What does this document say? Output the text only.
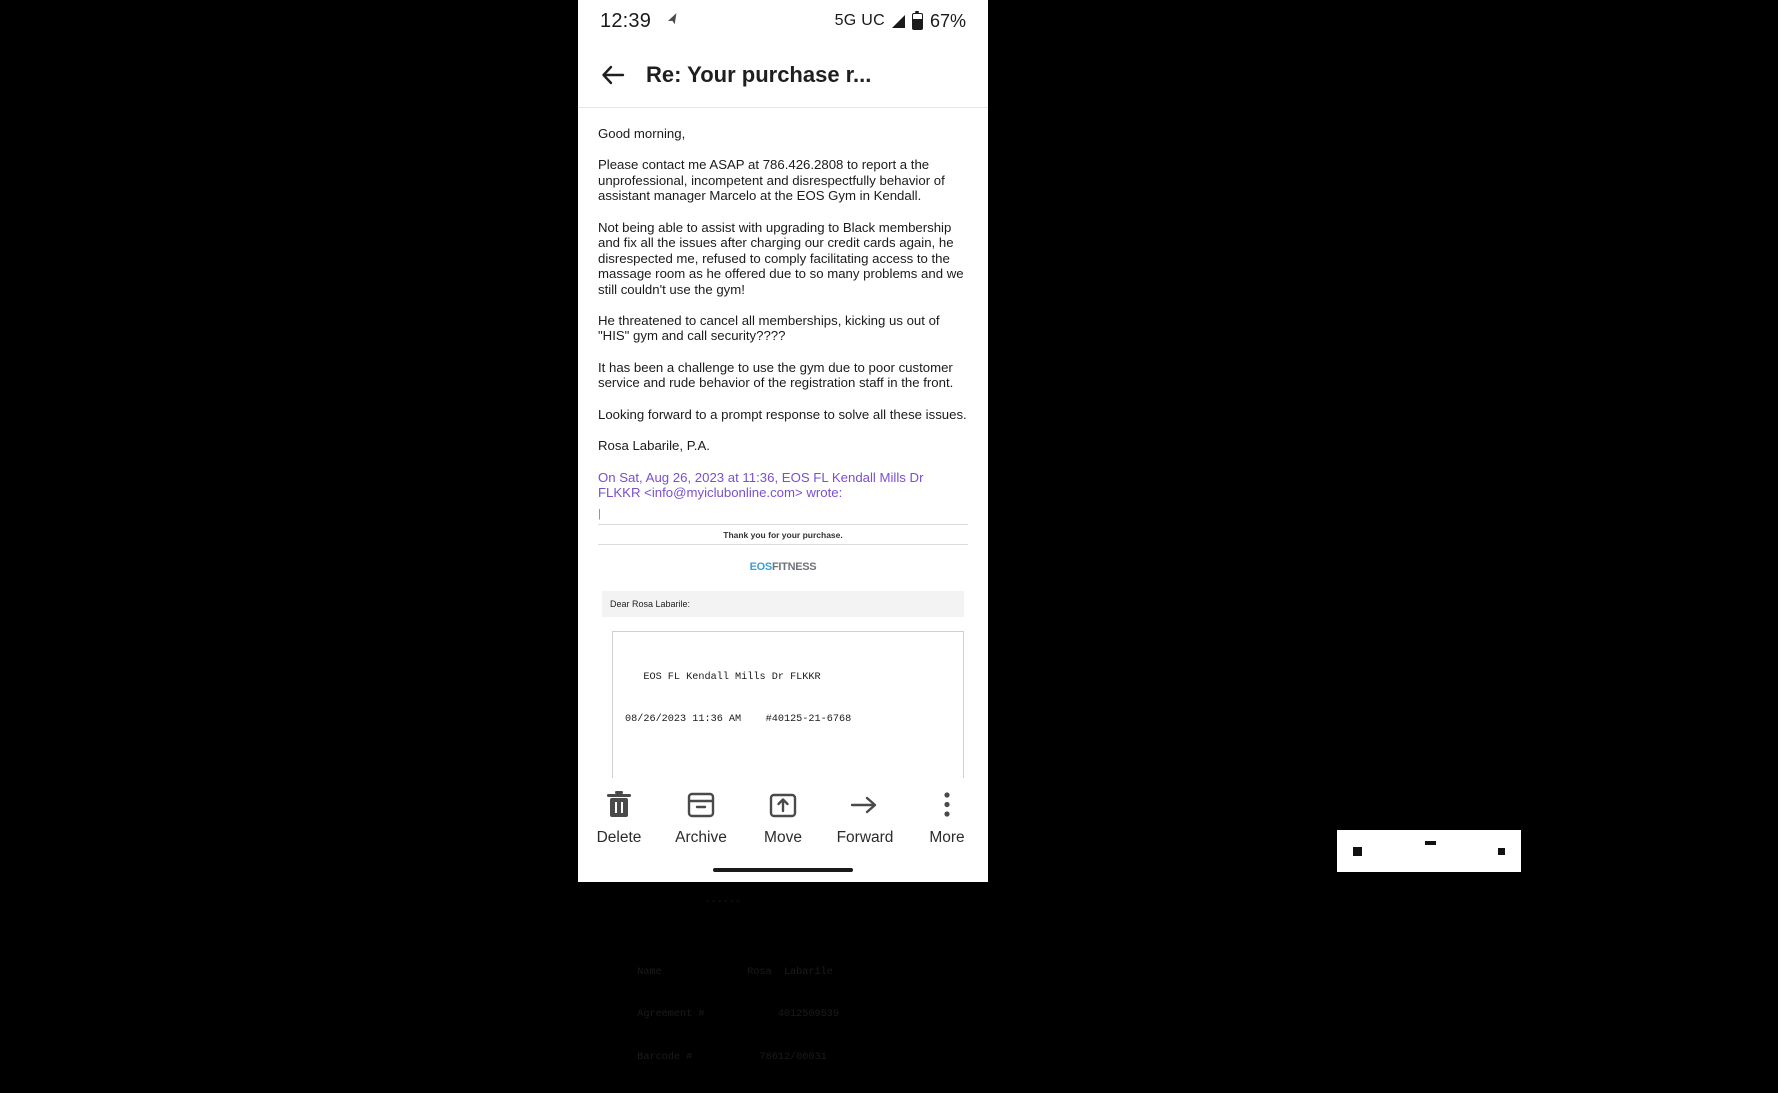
12:39	5G UC	67%
Re: Your purchase r...

Good morning,

Please contact me ASAP at 786.426.2808 to report a the unprofessional, incompetent and disrespectfully behavior of assistant manager Marcelo at the EOS Gym in Kendall.

Not being able to assist with upgrading to Black membership and fix all the issues after charging our credit cards again, he disrespected me, refused to comply facilitating access to the massage room as he offered due to so many problems and we still couldn't use the gym!

He threatened to cancel all memberships, kicking us out of "HIS" gym and call security????

It has been a challenge to use the gym due to poor customer service and rude behavior of the registration staff in the front.

Looking forward to a prompt response to solve all these issues.

Rosa Labarile, P.A.

On Sat, Aug 26, 2023 at 11:36, EOS FL Kendall Mills Dr FLKKR <info@myiclubonline.com> wrote:

|
Thank you for your purchase.
EOSFITNESS
Dear Rosa Labarile:

EOS FL Kendall Mills Dr FLKKR

08/26/2023 11:36 AM    #40125-21-6768

------

Name              Rosa  Labarile

Agreement #            4012509539

Barcode #           78612/00031

Delete Archive Move Forward More
